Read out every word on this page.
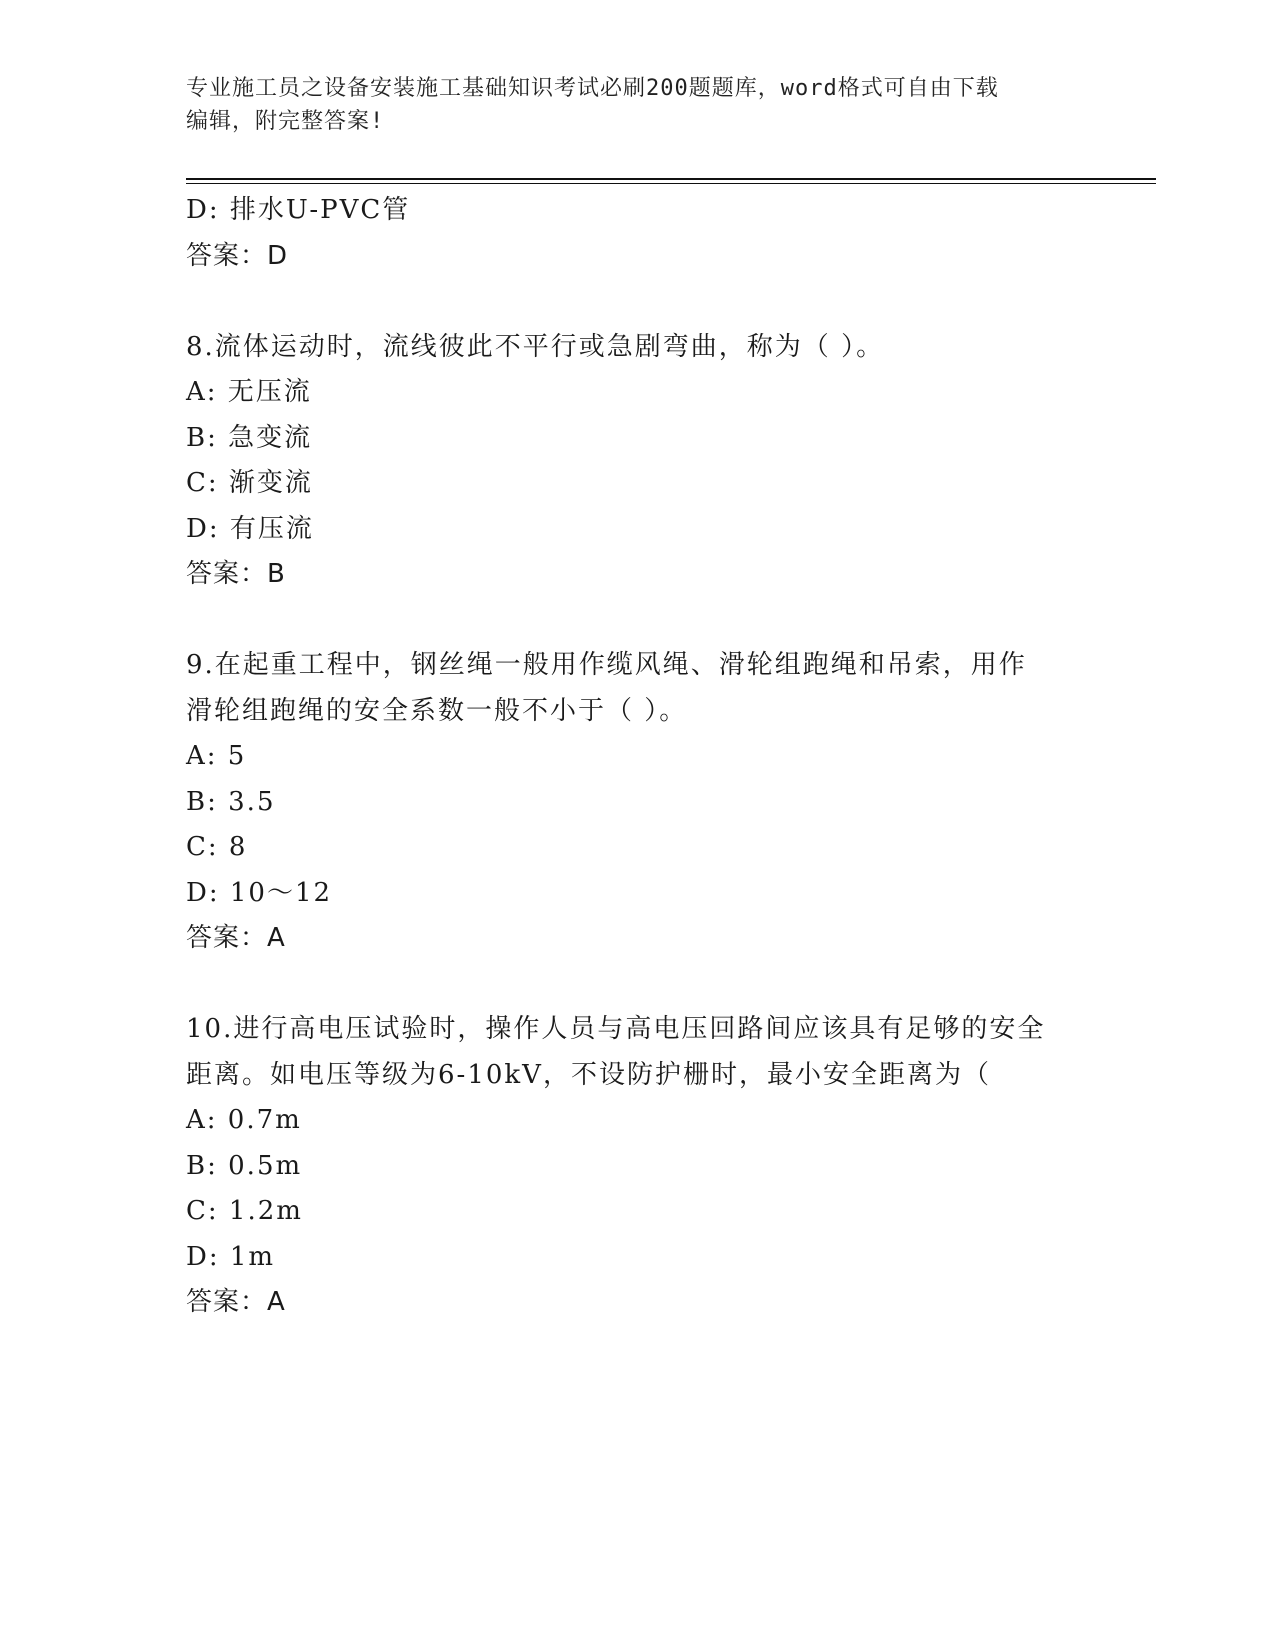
专业施工员之设备安装施工基础知识考试必刷200题题库，word格式可自由下载
编辑，附完整答案!
D: 排水U-PVC管
答案：D
8.流体运动时，流线彼此不平行或急剧弯曲，称为（ ）。
A: 无压流
B: 急变流
C: 渐变流
D: 有压流
答案：B
9.在起重工程中，钢丝绳一般用作缆风绳、滑轮组跑绳和吊索，用作
滑轮组跑绳的安全系数一般不小于（ ）。
A: 5
B: 3.5
C: 8
D: 10～12
答案：A
10.进行高电压试验时，操作人员与高电压回路间应该具有足够的安全
距离。如电压等级为6-10kV，不设防护栅时，最小安全距离为（
A: 0.7m
B: 0.5m
C: 1.2m
D: 1m
答案：A
